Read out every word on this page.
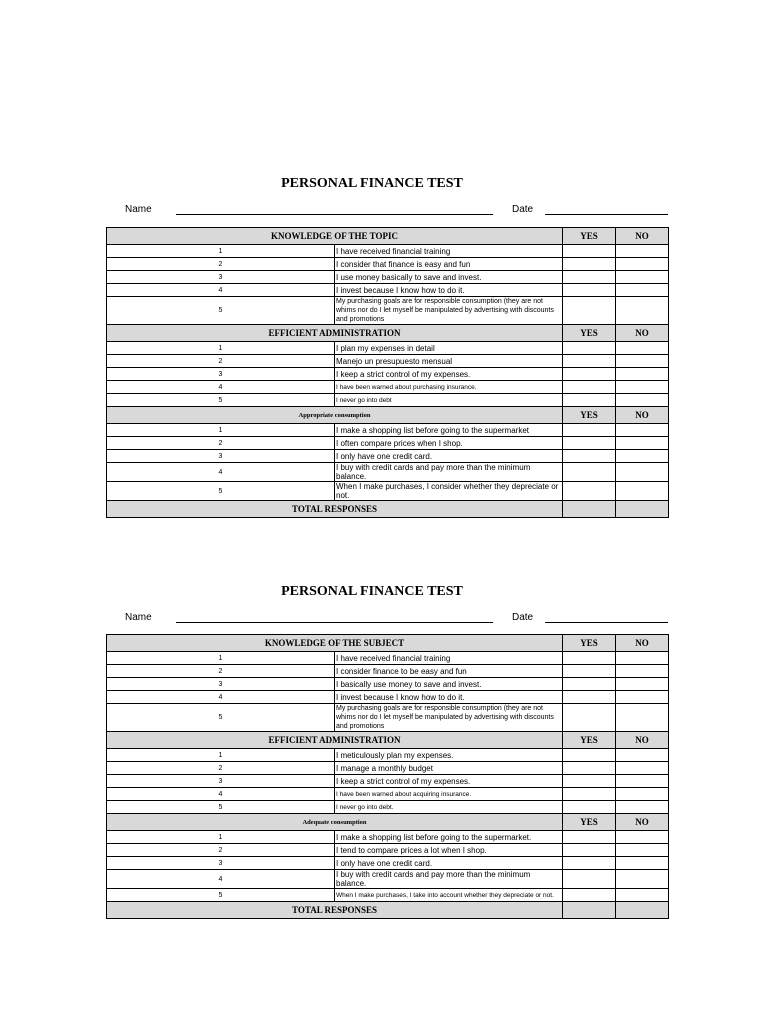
PERSONAL FINANCE TEST
Name	Date
KNOWLEDGE OF THE TOPIC		YES	NO
1	I have received financial training		
2	I consider that finance is easy and fun		
3	I use money basically to save and invest.		
4	I invest because I know how to do it.		
5	My purchasing goals are for responsible consumption (they are not whims nor do I let myself be manipulated by advertising with discounts and promotions		
EFFICIENT ADMINISTRATION		YES	NO
1	I plan my expenses in detail		
2	Manejo un presupuesto mensual		
3	I keep a strict control of my expenses.		
4	I have been warned about purchasing insurance.		
5	I never go into debt		
Appropriate consumption		YES	NO
1	I make a shopping list before going to the supermarket		
2	I often compare prices when I shop.		
3	I only have one credit card.		
4	I buy with credit cards and pay more than the minimum balance.		
5	When I make purchases, I consider whether they depreciate or not.		
TOTAL RESPONSES			
PERSONAL FINANCE TEST
Name	Date
KNOWLEDGE OF THE SUBJECT		YES	NO
1	I have received financial training		
2	I consider finance to be easy and fun		
3	I basically use money to save and invest.		
4	I invest because I know how to do it.		
5	My purchasing goals are for responsible consumption (they are not whims nor do I let myself be manipulated by advertising with discounts and promotions		
EFFICIENT ADMINISTRATION		YES	NO
1	I meticulously plan my expenses.		
2	I manage a monthly budget		
3	I keep a strict control of my expenses.		
4	I have been warned about acquiring insurance.		
5	I never go into debt.		
Adequate consumption		YES	NO
1	I make a shopping list before going to the supermarket.		
2	I tend to compare prices a lot when I shop.		
3	I only have one credit card.		
4	I buy with credit cards and pay more than the minimum balance.		
5	When I make purchases, I take into account whether they depreciate or not.		
TOTAL RESPONSES			
